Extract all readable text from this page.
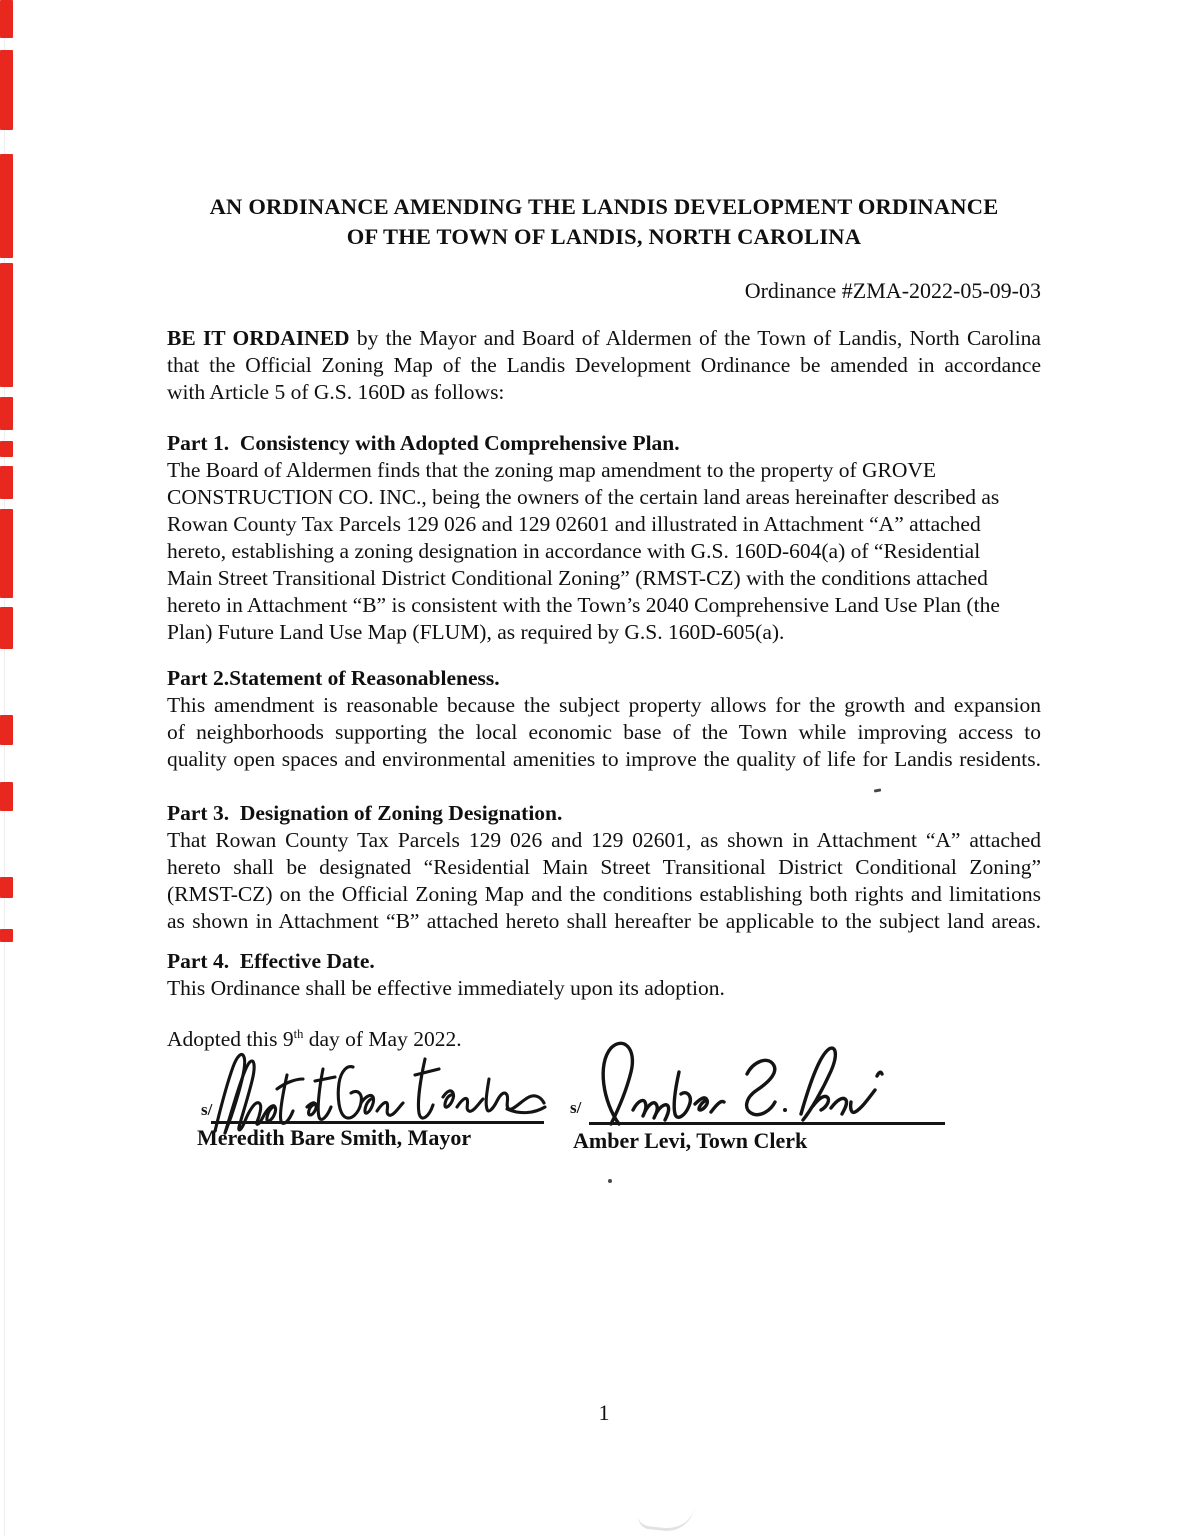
AN ORDINANCE AMENDING THE LANDIS DEVELOPMENT ORDINANCE
OF THE TOWN OF LANDIS, NORTH CAROLINA
Ordinance #ZMA-2022-05-09-03
BE IT ORDAINED by the Mayor and Board of Aldermen of the Town of Landis, North Carolina
that the Official Zoning Map of the Landis Development Ordinance be amended in accordance
with Article 5 of G.S. 160D as follows:
Part 1.  Consistency with Adopted Comprehensive Plan.
The Board of Aldermen finds that the zoning map amendment to the property of GROVE
CONSTRUCTION CO. INC., being the owners of the certain land areas hereinafter described as
Rowan County Tax Parcels 129 026 and 129 02601 and illustrated in Attachment “A” attached
hereto, establishing a zoning designation in accordance with G.S. 160D-604(a) of “Residential
Main Street Transitional District Conditional Zoning” (RMST-CZ) with the conditions attached
hereto in Attachment “B” is consistent with the Town’s 2040 Comprehensive Land Use Plan (the
Plan) Future Land Use Map (FLUM), as required by G.S. 160D-605(a).
Part 2.Statement of Reasonableness.
This amendment is reasonable because the subject property allows for the growth and expansion
of neighborhoods supporting the local economic base of the Town while improving access to
quality open spaces and environmental amenities to improve the quality of life for Landis residents.
Part 3.  Designation of Zoning Designation.
That Rowan County Tax Parcels 129 026 and 129 02601, as shown in Attachment “A” attached
hereto shall be designated “Residential Main Street Transitional District Conditional Zoning”
(RMST-CZ) on the Official Zoning Map and the conditions establishing both rights and limitations
as shown in Attachment “B” attached hereto shall hereafter be applicable to the subject land areas.
Part 4.  Effective Date.
This Ordinance shall be effective immediately upon its adoption.
Adopted this 9th day of May 2022.
s/
Meredith Bare Smith, Mayor
s/
Amber Levi, Town Clerk
1
